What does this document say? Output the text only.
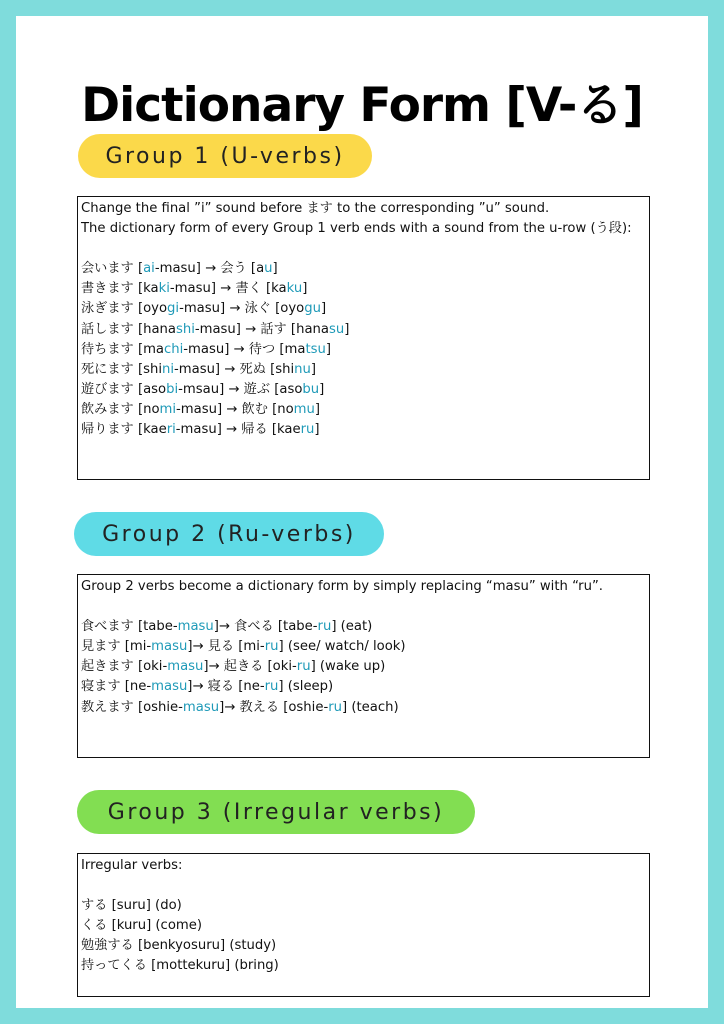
Dictionary Form [V-る]
Group 1 (U-verbs)
Change the final ”i” sound before ます to the corresponding ”u” sound.
The dictionary form of every Group 1 verb ends with a sound from the u-row (う段):
会います [ai-masu] → 会う [au]
書きます [kaki-masu] → 書く [kaku]
泳ぎます [oyogi-masu] → 泳ぐ [oyogu]
話します [hanashi-masu] → 話す [hanasu]
待ちます [machi-masu] → 待つ [matsu]
死にます [shini-masu] → 死ぬ [shinu]
遊びます [asobi-msau] → 遊ぶ [asobu]
飲みます [nomi-masu] → 飲む [nomu]
帰ります [kaeri-masu] → 帰る [kaeru]
Group 2 (Ru-verbs)
Group 2 verbs become a dictionary form by simply replacing “masu” with “ru”.
食べます [tabe-masu]→ 食べる [tabe-ru] (eat)
見ます [mi-masu]→ 見る [mi-ru] (see/ watch/ look)
起きます [oki-masu]→ 起きる [oki-ru] (wake up)
寝ます [ne-masu]→ 寝る [ne-ru] (sleep)
教えます [oshie-masu]→ 教える [oshie-ru] (teach)
Group 3 (Irregular verbs)
Irregular verbs:
する [suru] (do)
くる [kuru] (come)
勉強する [benkyosuru] (study)
持ってくる [mottekuru] (bring)
